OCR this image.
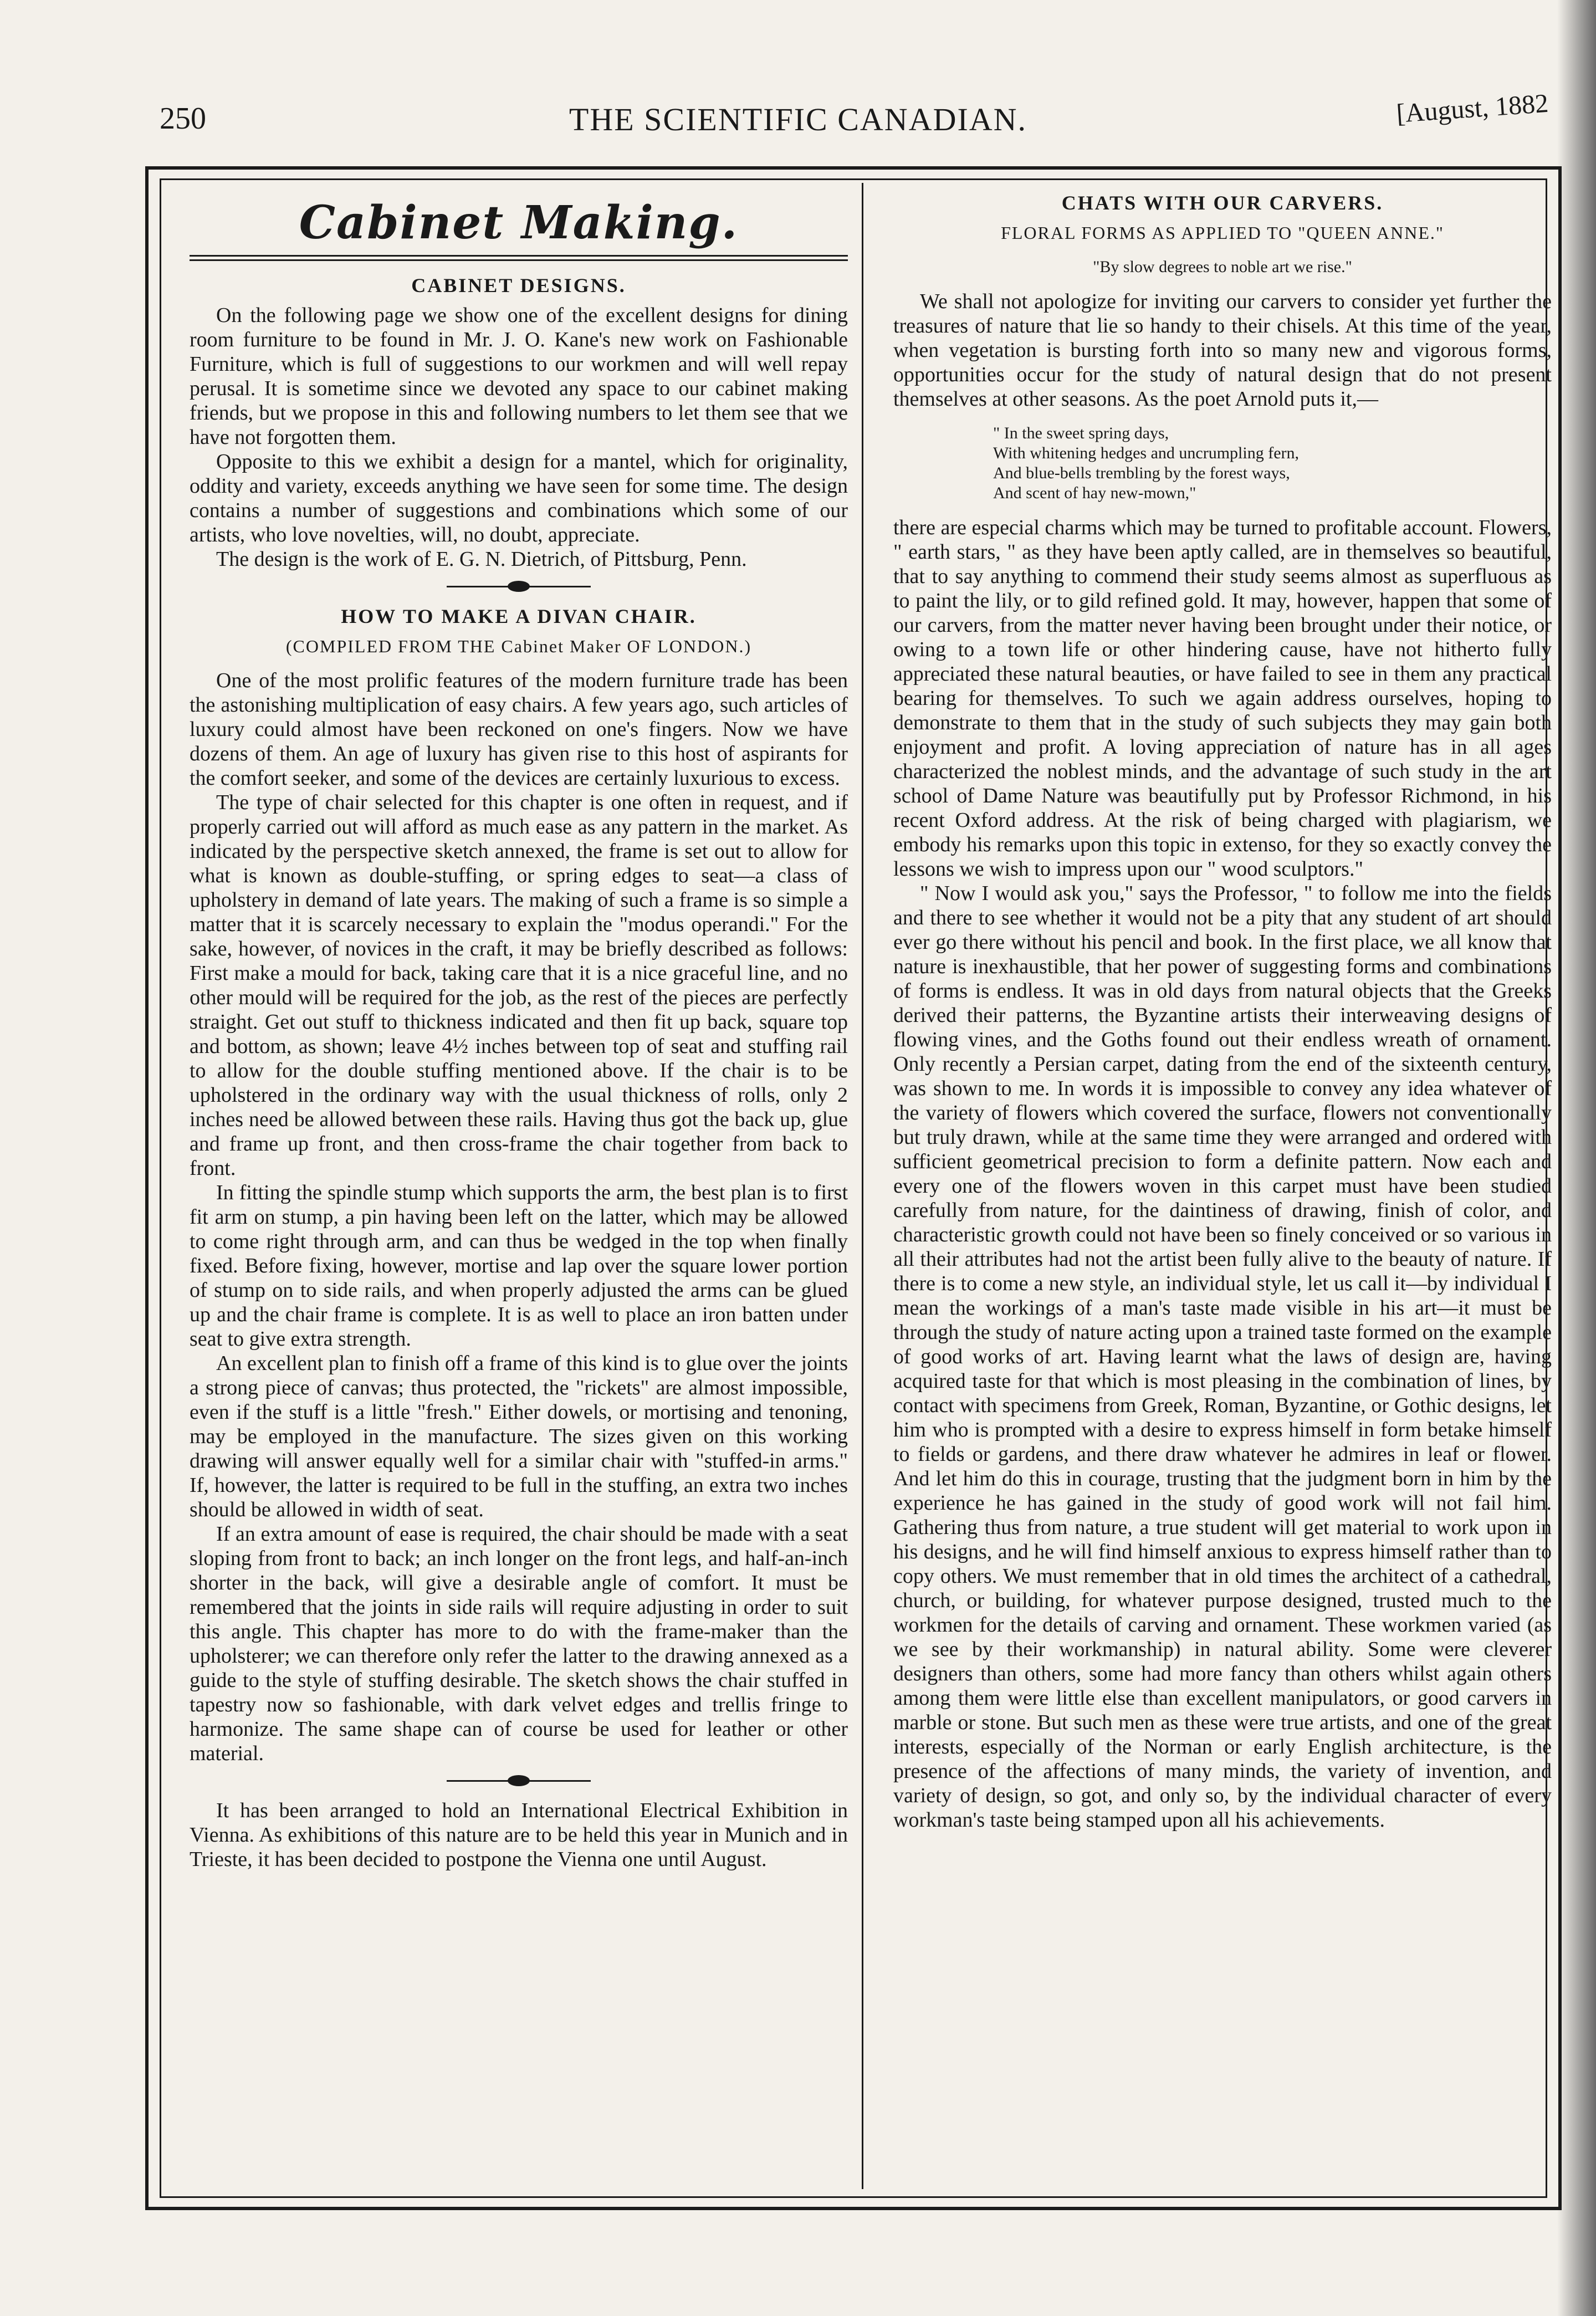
250	THE SCIENTIFIC CANADIAN.	[August, 1882
Cabinet Making.
CABINET DESIGNS.

On the following page we show one of the excellent designs for dining room furniture to be found in Mr. J. O. Kane's new work on Fashionable Furniture, which is full of suggestions to our workmen and will well repay perusal. It is sometime since we devoted any space to our cabinet making friends, but we propose in this and following numbers to let them see that we have not forgotten them.

Opposite to this we exhibit a design for a mantel, which for originality, oddity and variety, exceeds anything we have seen for some time. The design contains a number of suggestions and combinations which some of our artists, who love novelties, will, no doubt, appreciate.

The design is the work of E. G. N. Dietrich, of Pittsburg, Penn.

HOW TO MAKE A DIVAN CHAIR.
(COMPILED FROM THE Cabinet Maker OF LONDON.)

One of the most prolific features of the modern furniture trade has been the astonishing multiplication of easy chairs. A few years ago, such articles of luxury could almost have been reckoned on one's fingers. Now we have dozens of them. An age of luxury has given rise to this host of aspirants for the comfort seeker, and some of the devices are certainly luxurious to excess.

The type of chair selected for this chapter is one often in request, and if properly carried out will afford as much ease as any pattern in the market. As indicated by the perspective sketch annexed, the frame is set out to allow for what is known as double-stuffing, or spring edges to seat—a class of upholstery in demand of late years. The making of such a frame is so simple a matter that it is scarcely necessary to explain the "modus operandi." For the sake, however, of novices in the craft, it may be briefly described as follows: First make a mould for back, taking care that it is a nice graceful line, and no other mould will be required for the job, as the rest of the pieces are perfectly straight. Get out stuff to thickness indicated and then fit up back, square top and bottom, as shown; leave 4½ inches between top of seat and stuffing rail to allow for the double stuffing mentioned above. If the chair is to be upholstered in the ordinary way with the usual thickness of rolls, only 2 inches need be allowed between these rails. Having thus got the back up, glue and frame up front, and then cross-frame the chair together from back to front.

In fitting the spindle stump which supports the arm, the best plan is to first fit arm on stump, a pin having been left on the latter, which may be allowed to come right through arm, and can thus be wedged in the top when finally fixed. Before fixing, however, mortise and lap over the square lower portion of stump on to side rails, and when properly adjusted the arms can be glued up and the chair frame is complete. It is as well to place an iron batten under seat to give extra strength.

An excellent plan to finish off a frame of this kind is to glue over the joints a strong piece of canvas; thus protected, the "rickets" are almost impossible, even if the stuff is a little "fresh." Either dowels, or mortising and tenoning, may be employed in the manufacture. The sizes given on this working drawing will answer equally well for a similar chair with "stuffed-in arms." If, however, the latter is required to be full in the stuffing, an extra two inches should be allowed in width of seat.

If an extra amount of ease is required, the chair should be made with a seat sloping from front to back; an inch longer on the front legs, and half-an-inch shorter in the back, will give a desirable angle of comfort. It must be remembered that the joints in side rails will require adjusting in order to suit this angle. This chapter has more to do with the frame-maker than the upholsterer; we can therefore only refer the latter to the drawing annexed as a guide to the style of stuffing desirable. The sketch shows the chair stuffed in tapestry now so fashionable, with dark velvet edges and trellis fringe to harmonize. The same shape can of course be used for leather or other material.

It has been arranged to hold an International Electrical Exhibition in Vienna. As exhibitions of this nature are to be held this year in Munich and in Trieste, it has been decided to postpone the Vienna one until August.

CHATS WITH OUR CARVERS.
FLORAL FORMS AS APPLIED TO "QUEEN ANNE."
"By slow degrees to noble art we rise."

We shall not apologize for inviting our carvers to consider yet further the treasures of nature that lie so handy to their chisels. At this time of the year, when vegetation is bursting forth into so many new and vigorous forms, opportunities occur for the study of natural design that do not present themselves at other seasons. As the poet Arnold puts it,—

" In the sweet spring days,
With whitening hedges and uncrumpling fern,
And blue-bells trembling by the forest ways,
And scent of hay new-mown,"

there are especial charms which may be turned to profitable account. Flowers, " earth stars, " as they have been aptly called, are in themselves so beautiful, that to say anything to commend their study seems almost as superfluous as to paint the lily, or to gild refined gold. It may, however, happen that some of our carvers, from the matter never having been brought under their notice, or owing to a town life or other hindering cause, have not hitherto fully appreciated these natural beauties, or have failed to see in them any practical bearing for themselves. To such we again address ourselves, hoping to demonstrate to them that in the study of such subjects they may gain both enjoyment and profit. A loving appreciation of nature has in all ages characterized the noblest minds, and the advantage of such study in the art school of Dame Nature was beautifully put by Professor Richmond, in his recent Oxford address. At the risk of being charged with plagiarism, we embody his remarks upon this topic in extenso, for they so exactly convey the lessons we wish to impress upon our " wood sculptors."

" Now I would ask you," says the Professor, " to follow me into the fields and there to see whether it would not be a pity that any student of art should ever go there without his pencil and book. In the first place, we all know that nature is inexhaustible, that her power of suggesting forms and combinations of forms is endless. It was in old days from natural objects that the Greeks derived their patterns, the Byzantine artists their interweaving designs of flowing vines, and the Goths found out their endless wreath of ornament. Only recently a Persian carpet, dating from the end of the sixteenth century, was shown to me. In words it is impossible to convey any idea whatever of the variety of flowers which covered the surface, flowers not conventionally but truly drawn, while at the same time they were arranged and ordered with sufficient geometrical precision to form a definite pattern. Now each and every one of the flowers woven in this carpet must have been studied carefully from nature, for the daintiness of drawing, finish of color, and characteristic growth could not have been so finely conceived or so various in all their attributes had not the artist been fully alive to the beauty of nature. If there is to come a new style, an individual style, let us call it—by individual I mean the workings of a man's taste made visible in his art—it must be through the study of nature acting upon a trained taste formed on the example of good works of art. Having learnt what the laws of design are, having acquired taste for that which is most pleasing in the combination of lines, by contact with specimens from Greek, Roman, Byzantine, or Gothic designs, let him who is prompted with a desire to express himself in form betake himself to fields or gardens, and there draw whatever he admires in leaf or flower. And let him do this in courage, trusting that the judgment born in him by the experience he has gained in the study of good work will not fail him. Gathering thus from nature, a true student will get material to work upon in his designs, and he will find himself anxious to express himself rather than to copy others. We must remember that in old times the architect of a cathedral, church, or building, for whatever purpose designed, trusted much to the workmen for the details of carving and ornament. These workmen varied (as we see by their workmanship) in natural ability. Some were cleverer designers than others, some had more fancy than others whilst again others among them were little else than excellent manipulators, or good carvers in marble or stone. But such men as these were true artists, and one of the great interests, especially of the Norman or early English architecture, is the presence of the affections of many minds, the variety of invention, and variety of design, so got, and only so, by the individual character of every workman's taste being stamped upon all his achievements.
